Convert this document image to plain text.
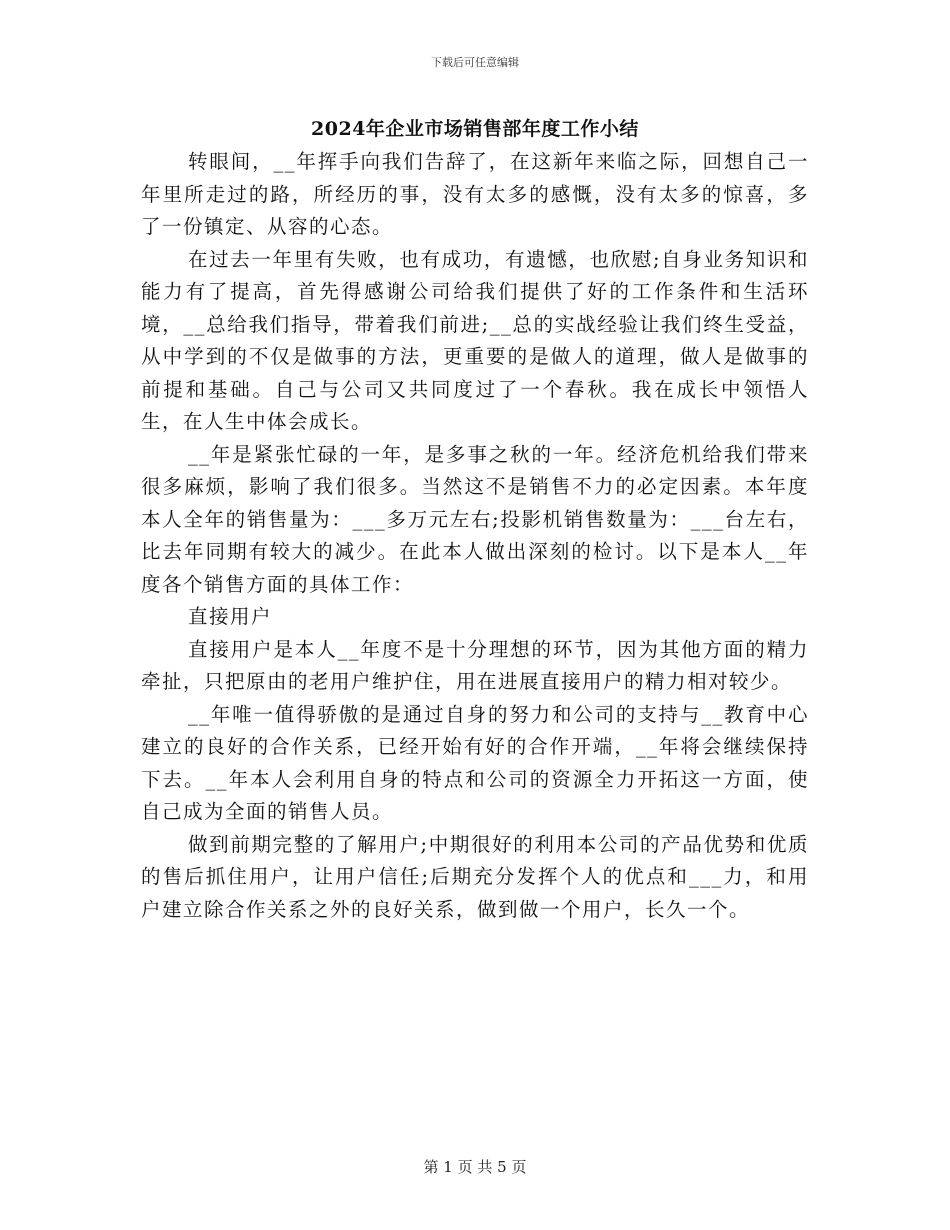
下载后可任意编辑
2024年企业市场销售部年度工作小结

转眼间，__年挥手向我们告辞了，在这新年来临之际，回想自己一年里所走过的路，所经历的事，没有太多的感慨，没有太多的惊喜，多了一份镇定、从容的心态。

在过去一年里有失败，也有成功，有遗憾，也欣慰;自身业务知识和能力有了提高，首先得感谢公司给我们提供了好的工作条件和生活环境，__总给我们指导，带着我们前进;__总的实战经验让我们终生受益，从中学到的不仅是做事的方法，更重要的是做人的道理，做人是做事的前提和基础。自己与公司又共同度过了一个春秋。我在成长中领悟人生，在人生中体会成长。

__年是紧张忙碌的一年，是多事之秋的一年。经济危机给我们带来很多麻烦，影响了我们很多。当然这不是销售不力的必定因素。本年度本人全年的销售量为：___多万元左右;投影机销售数量为：___台左右，比去年同期有较大的减少。在此本人做出深刻的检讨。以下是本人__年度各个销售方面的具体工作：

直接用户

直接用户是本人__年度不是十分理想的环节，因为其他方面的精力牵扯，只把原由的老用户维护住，用在进展直接用户的精力相对较少。

__年唯一值得骄傲的是通过自身的努力和公司的支持与__教育中心建立的良好的合作关系，已经开始有好的合作开端，__年将会继续保持下去。__年本人会利用自身的特点和公司的资源全力开拓这一方面，使自己成为全面的销售人员。

做到前期完整的了解用户;中期很好的利用本公司的产品优势和优质的售后抓住用户，让用户信任;后期充分发挥个人的优点和___力，和用户建立除合作关系之外的良好关系，做到做一个用户，长久一个。

第 1 页 共 5 页
